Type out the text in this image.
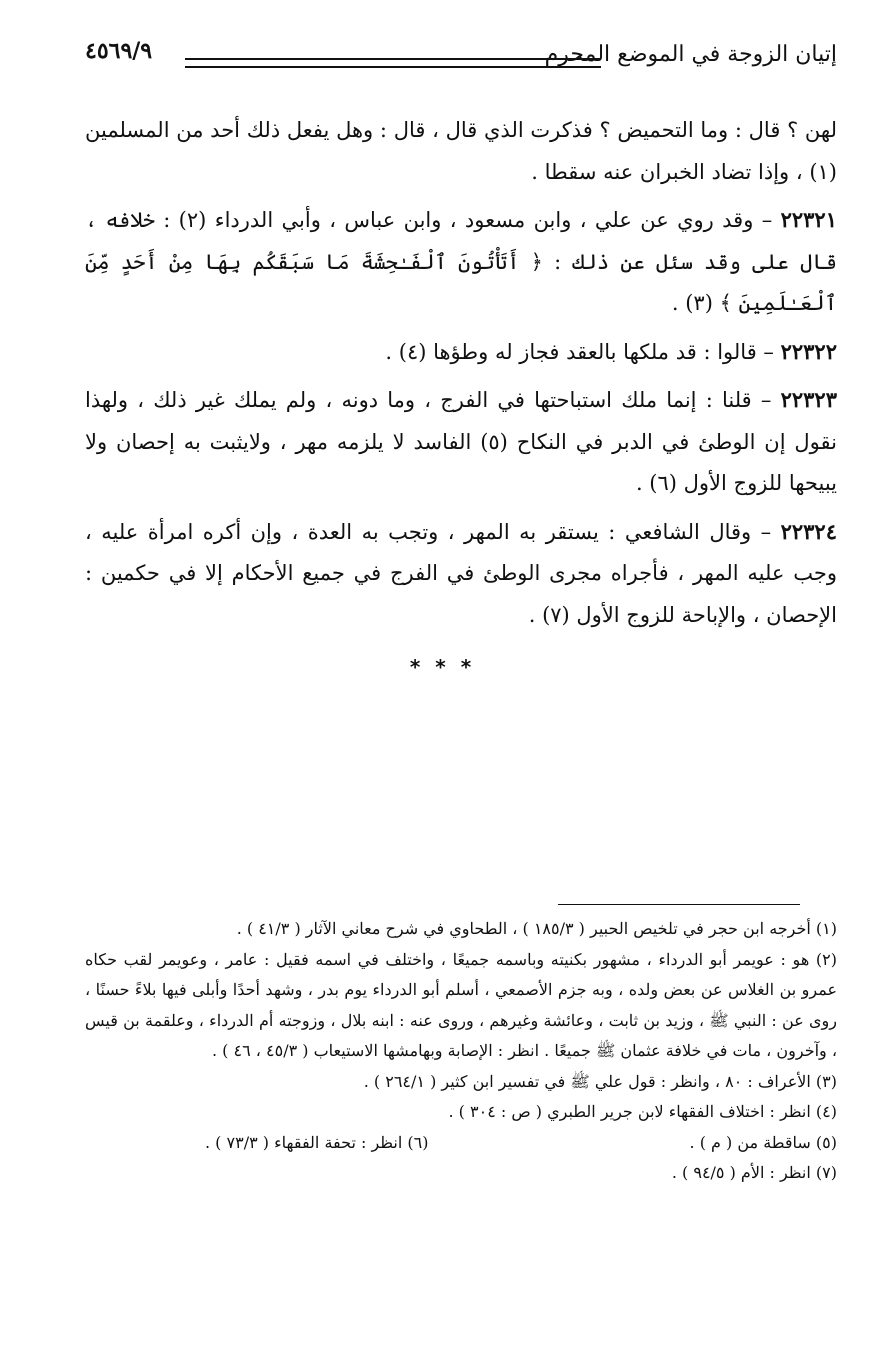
إتيان الزوجة في الموضع المحرم
٤٥٦٩/٩

لهن ؟ قال : وما التحميض ؟ فذكرت الذي قال ، قال : وهل يفعل ذلك أحد من المسلمين (١) ، وإذا تضاد الخبران عنه سقطا .

٢٢٣٢١ – وقد روي عن علي ، وابن مسعود ، وابن عباس ، وأبي الدرداء (٢) : خلافه ، قال على وقد سئل عن ذلك : ﴿ أَتَأْتُونَ ٱلْفَـٰحِشَةَ مَا سَبَقَكُم بِهَا مِنْ أَحَدٍ مِّنَ ٱلْعَـٰلَمِينَ ﴾ (٣) .

٢٢٣٢٢ – قالوا : قد ملكها بالعقد فجاز له وطؤها (٤) .

٢٢٣٢٣ – قلنا : إنما ملك استباحتها في الفرج ، وما دونه ، ولم يملك غير ذلك ، ولهذا نقول إن الوطئ في الدبر في النكاح (٥) الفاسد لا يلزمه مهر ، ولايثبت به إحصان ولا يبيحها للزوج الأول (٦) .

٢٢٣٢٤ – وقال الشافعي : يستقر به المهر ، وتجب به العدة ، وإن أكره امرأة عليه ، وجب عليه المهر ، فأجراه مجرى الوطئ في الفرج في جميع الأحكام إلا في حكمين : الإحصان ، والإباحة للزوج الأول (٧) .

* * *

(١) أخرجه ابن حجر في تلخيص الحبير ( ١٨٥/٣ ) ، الطحاوي في شرح معاني الآثار ( ٤١/٣ ) .

(٢) هو : عويمر أبو الدرداء ، مشهور بكنيته وباسمه جميعًا ، واختلف في اسمه فقيل : عامر ، وعويمر لقب حكاه عمرو بن الغلاس عن بعض ولده ، وبه جزم الأصمعي ، أسلم أبو الدرداء يوم بدر ، وشهد أحدًا وأبلى فيها بلاءً حسنًا ، روى عن : النبي ﷺ ، وزيد بن ثابت ، وعائشة وغيرهم ، وروى عنه : ابنه بلال ، وزوجته أم الدرداء ، وعلقمة بن قيس ، وآخرون ، مات في خلافة عثمان ﷺ جميعًا . انظر : الإصابة وبهامشها الاستيعاب ( ٤٥/٣ ، ٤٦ ) .

(٣) الأعراف : ٨٠ ، وانظر : قول علي ﷺ في تفسير ابن كثير ( ٢٦٤/١ ) .

(٤) انظر : اختلاف الفقهاء لابن جرير الطبري ( ص : ٣٠٤ ) .

(٥) ساقطة من ( م ) .
(٦) انظر : تحفة الفقهاء ( ٧٣/٣ ) .

(٧) انظر : الأم ( ٩٤/٥ ) .
